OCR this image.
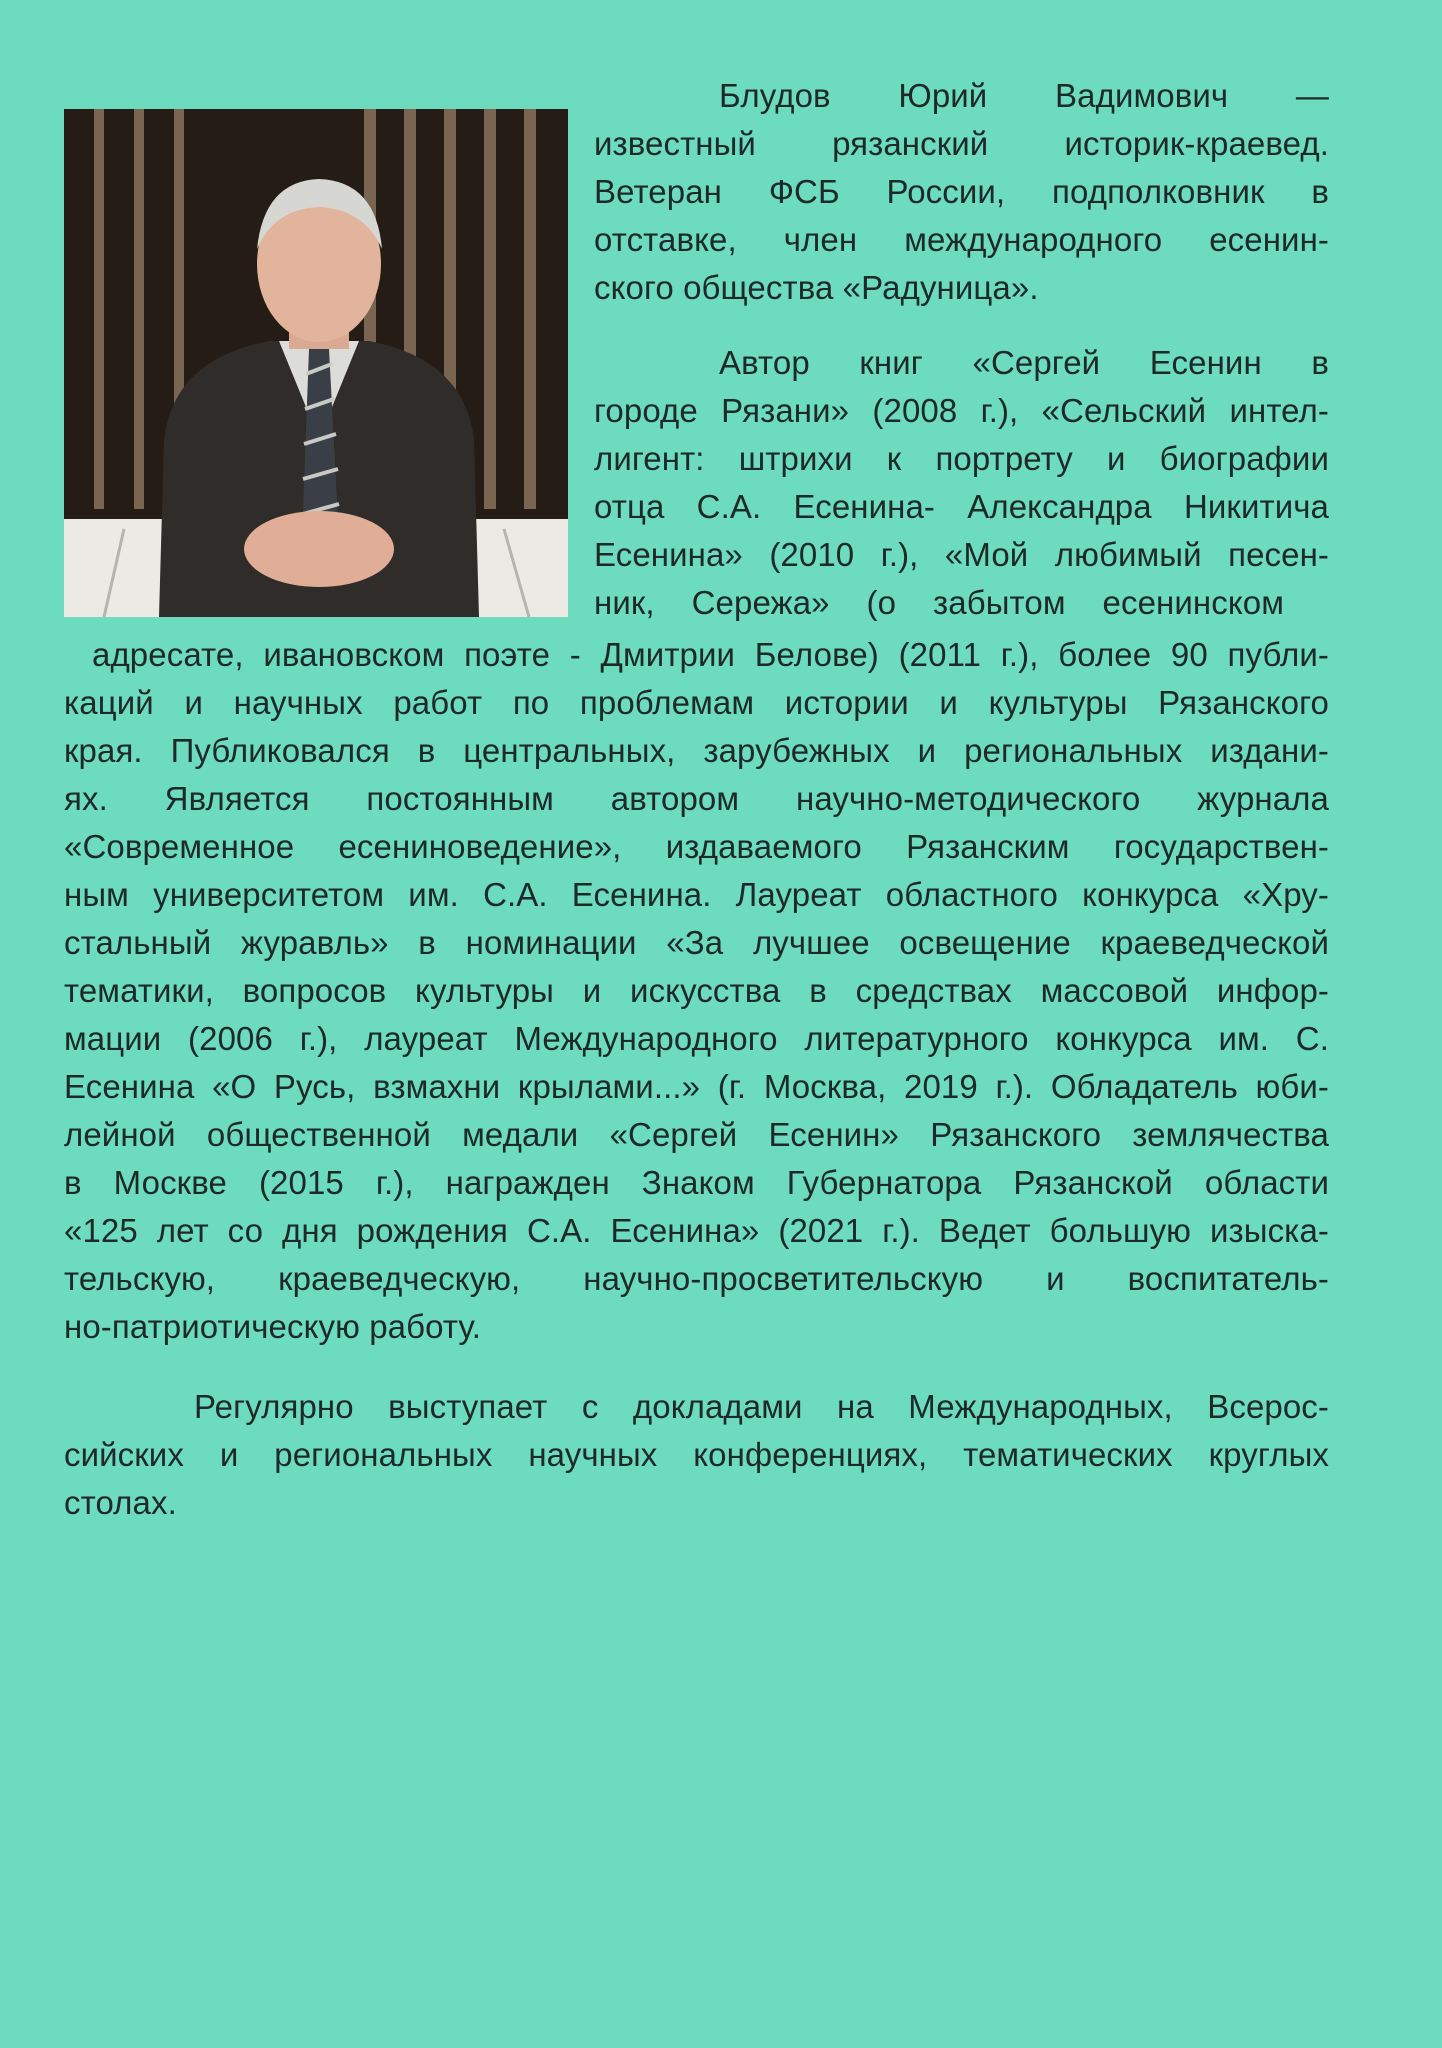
Блудов Юрий Вадимович —

известный рязанский историк-краевед.

Ветеран ФСБ России, подполковник в

отставке, член международного есенин-

ского общества «Радуница».

Автор книг «Сергей Есенин в

городе Рязани» (2008 г.), «Сельский интел-

лигент: штрихи к портрету и биографии

отца С.А. Есенина- Александра Никитича

Есенина» (2010 г.), «Мой любимый песен-

ник, Сережа» (о забытом есенинском

адресате, ивановском поэте - Дмитрии Белове) (2011 г.), более 90 публи-

каций и научных работ по проблемам истории и культуры Рязанского

края. Публиковался в центральных, зарубежных и региональных издани-

ях. Является постоянным автором научно-методического журнала

«Современное есениноведение», издаваемого Рязанским государствен-

ным университетом им. С.А. Есенина. Лауреат областного конкурса «Хру-

стальный журавль» в номинации «За лучшее освещение краеведческой

тематики, вопросов культуры и искусства в средствах массовой инфор-

мации (2006 г.), лауреат Международного литературного конкурса им. С.

Есенина «О Русь, взмахни крылами...» (г. Москва, 2019 г.). Обладатель юби-

лейной общественной медали «Сергей Есенин» Рязанского землячества

в Москве (2015 г.), награжден Знаком Губернатора Рязанской области

«125 лет со дня рождения С.А. Есенина» (2021 г.). Ведет большую изыска-

тельскую, краеведческую, научно-просветительскую и воспитатель-

но-патриотическую работу.

Регулярно выступает с докладами на Международных, Всерос-

сийских и региональных научных конференциях, тематических круглых

столах.
